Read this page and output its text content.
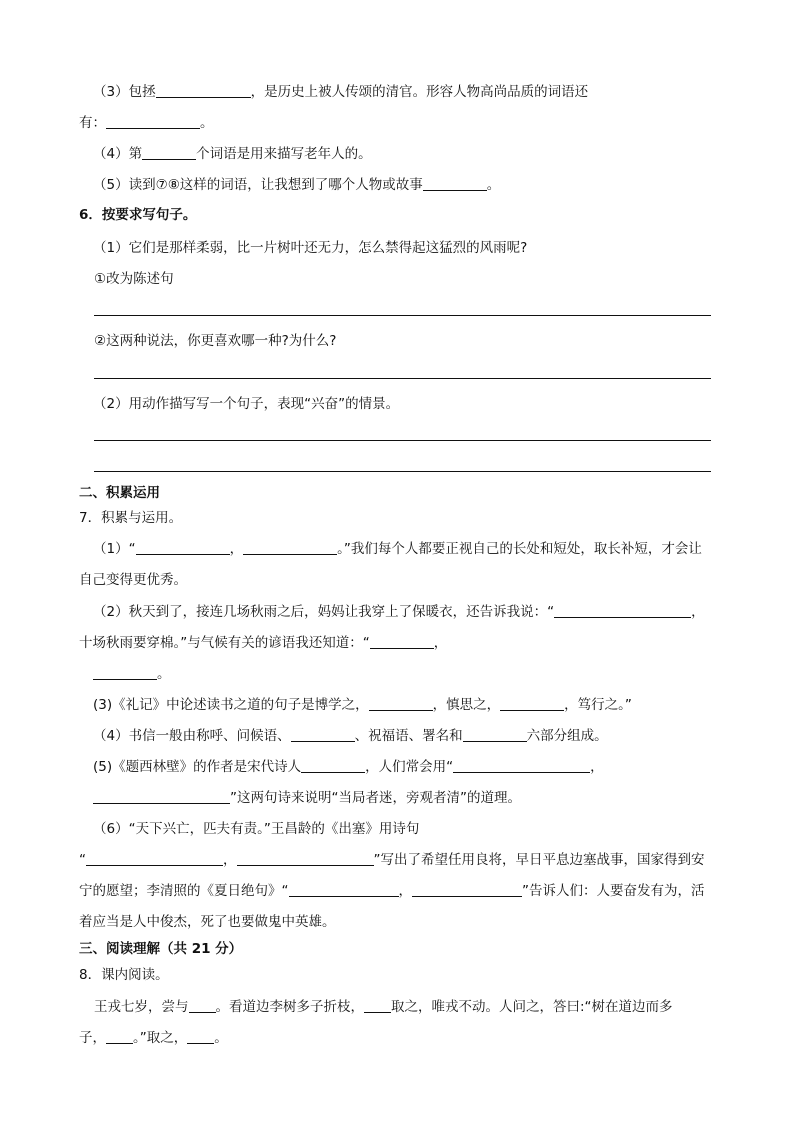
（3）包拯	，是历史上被人传颂的清官。形容人物高尚品质的词语还
有：	。
（4）第	个词语是用来描写老年人的。
（5）读到⑦⑧这样的词语，让我想到了哪个人物或故事	。
6．按要求写句子。
（1）它们是那样柔弱，比一片树叶还无力，怎么禁得起这猛烈的风雨呢?
①改为陈述句
②这两种说法，你更喜欢哪一种?为什么?
（2）用动作描写写一个句子，表现“兴奋”的情景。
二、积累运用
7．积累与运用。
（1）“	，	。”我们每个人都要正视自己的长处和短处，取长补短，才会让
自己变得更优秀。
（2）秋天到了，接连几场秋雨之后，妈妈让我穿上了保暖衣，还告诉我说：“	，
十场秋雨要穿棉。”与气候有关的谚语我还知道：“	，
。
(3)《礼记》中论述读书之道的句子是博学之，	，慎思之，	，笃行之。”
（4）书信一般由称呼、问候语、	、祝福语、署名和	六部分组成。
(5)《题西林壁》的作者是宋代诗人	，人们常会用“	，
”这两句诗来说明“当局者迷，旁观者清”的道理。
（6）“天下兴亡，匹夫有责。”王昌龄的《出塞》用诗句
“	，	”写出了希望任用良将，早日平息边塞战事，国家得到安
宁的愿望；李清照的《夏日绝句》“	，	”告诉人们：人要奋发有为，活
着应当是人中俊杰，死了也要做鬼中英雄。
三、阅读理解（共 21 分）
8．课内阅读。
王戎七岁，尝与 。看道边李树多子折枝， 取之，唯戎不动。人问之，答曰:“树在道边而多
子， 。”取之， 。
